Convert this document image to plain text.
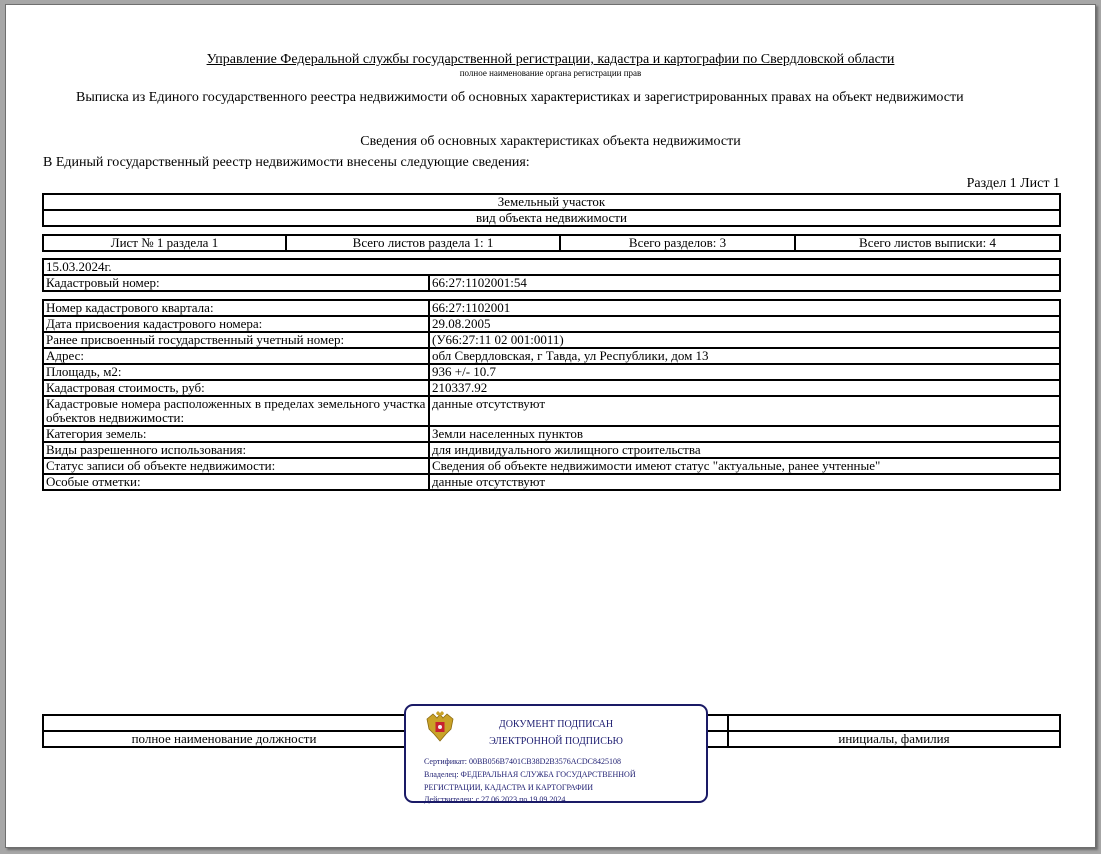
Управление Федеральной службы государственной регистрации, кадастра и картографии по Свердловской области
полное наименование органа регистрации прав
Выписка из Единого государственного реестра недвижимости об основных характеристиках и зарегистрированных правах на объект недвижимости
Сведения об основных характеристиках объекта недвижимости
В Единый государственный реестр недвижимости внесены следующие сведения:
Раздел 1 Лист 1
Земельный участок
вид объекта недвижимости
Лист № 1 раздела 1	Всего листов раздела 1: 1	Всего разделов: 3	Всего листов выписки: 4
15.03.2024г.
Кадастровый номер:	66:27:1102001:54
Номер кадастрового квартала:	66:27:1102001
Дата присвоения кадастрового номера:	29.08.2005
Ранее присвоенный государственный учетный номер:	(У66:27:11 02 001:0011)
Адрес:	обл Свердловская, г Тавда, ул Республики, дом 13
Площадь, м2:	936 +/- 10.7
Кадастровая стоимость, руб:	210337.92
Кадастровые номера расположенных в пределах земельного участка объектов недвижимости:	данные отсутствуют
Категория земель:	Земли населенных пунктов
Виды разрешенного использования:	для индивидуального жилищного строительства
Статус записи об объекте недвижимости:	Сведения об объекте недвижимости имеют статус "актуальные, ранее учтенные"
Особые отметки:	данные отсутствуют

полное наименование должности		инициалы, фамилия
ДОКУМЕНТ ПОДПИСАН
ЭЛЕКТРОННОЙ ПОДПИСЬЮ
Сертификат: 00BB056B7401CB38D2B3576ACDC8425108
Владелец: ФЕДЕРАЛЬНАЯ СЛУЖБА ГОСУДАРСТВЕННОЙ
РЕГИСТРАЦИИ, КАДАСТРА И КАРТОГРАФИИ
Действителен: с 27.06.2023 по 19.09.2024
